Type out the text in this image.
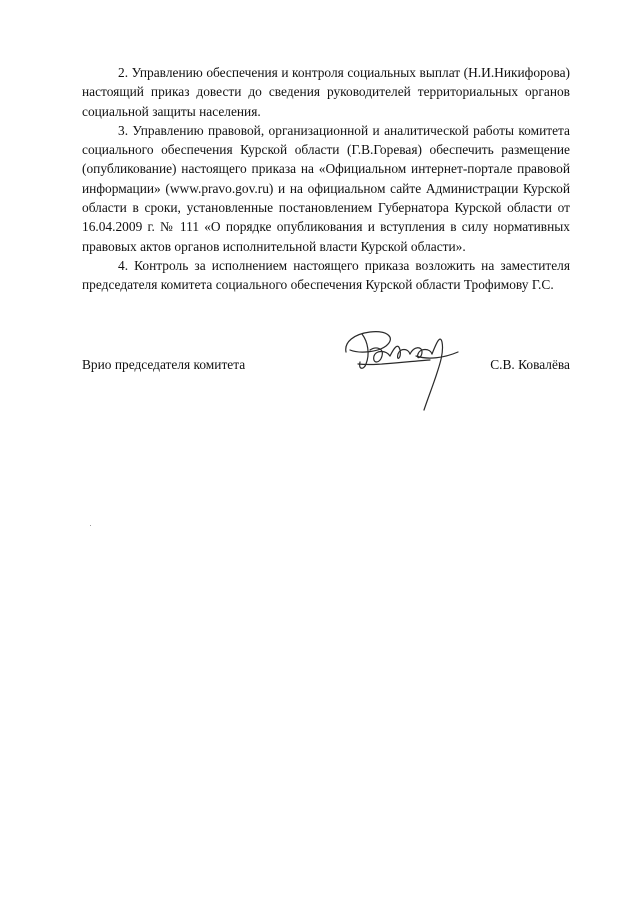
2. Управлению обеспечения и контроля социальных выплат (Н.И.Никифорова) настоящий приказ довести до сведения руководителей территориальных органов социальной защиты населения.

3. Управлению правовой, организационной и аналитической работы комитета социального обеспечения Курской области (Г.В.Горевая) обеспечить размещение (опубликование) настоящего приказа на «Официальном интернет-портале правовой информации» (www.pravo.gov.ru) и на официальном сайте Администрации Курской области в сроки, установленные постановлением Губернатора Курской области от 16.04.2009 г. № 111 «О порядке опубликования и вступления в силу нормативных правовых актов органов исполнительной власти Курской области».

4. Контроль за исполнением настоящего приказа возложить на заместителя председателя комитета социального обеспечения Курской области Трофимову Г.С.

Врио председателя комитета	С.В. Ковалёва
